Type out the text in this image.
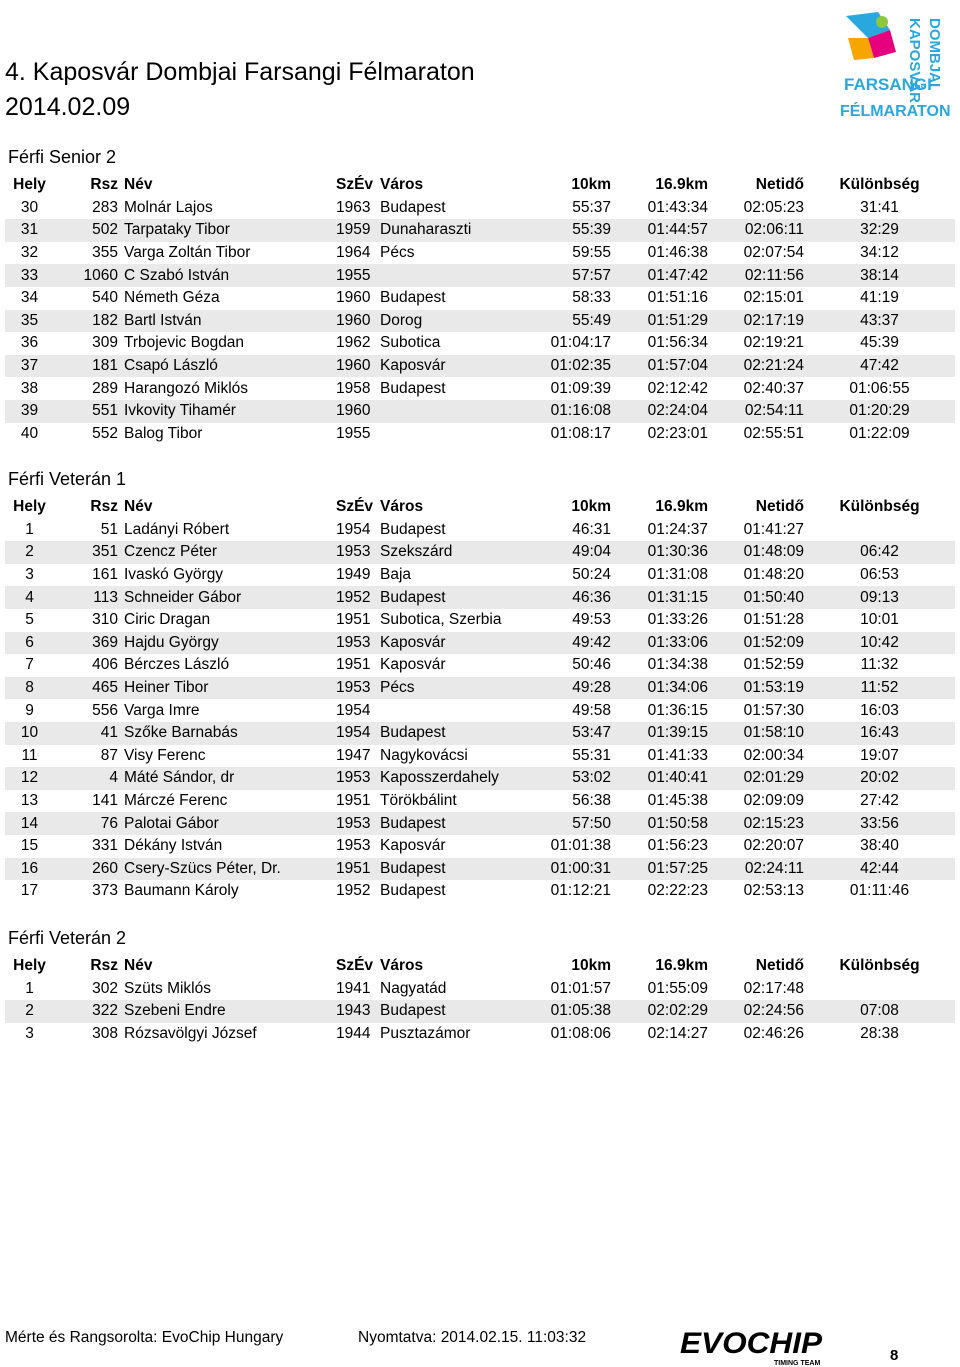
4. Kaposvár Dombjai Farsangi Félmaraton
2014.02.09
KAPOSVÁR DOMBJAI
FARSANGI
FÉLMARATON
Férfi Senior 2
Hely	Rsz	Név	SzÉv	Város	10km	16.9km	Netidő	Különbség
30	283	Molnár Lajos	1963	Budapest	55:37	01:43:34	02:05:23	31:41
31	502	Tarpataky Tibor	1959	Dunaharaszti	55:39	01:44:57	02:06:11	32:29
32	355	Varga Zoltán Tibor	1964	Pécs	59:55	01:46:38	02:07:54	34:12
33	1060	C Szabó István	1955		57:57	01:47:42	02:11:56	38:14
34	540	Németh Géza	1960	Budapest	58:33	01:51:16	02:15:01	41:19
35	182	Bartl István	1960	Dorog	55:49	01:51:29	02:17:19	43:37
36	309	Trbojevic Bogdan	1962	Subotica	01:04:17	01:56:34	02:19:21	45:39
37	181	Csapó László	1960	Kaposvár	01:02:35	01:57:04	02:21:24	47:42
38	289	Harangozó Miklós	1958	Budapest	01:09:39	02:12:42	02:40:37	01:06:55
39	551	Ivkovity Tihamér	1960		01:16:08	02:24:04	02:54:11	01:20:29
40	552	Balog Tibor	1955		01:08:17	02:23:01	02:55:51	01:22:09
Férfi Veterán 1
Hely	Rsz	Név	SzÉv	Város	10km	16.9km	Netidő	Különbség
1	51	Ladányi Róbert	1954	Budapest	46:31	01:24:37	01:41:27	
2	351	Czencz Péter	1953	Szekszárd	49:04	01:30:36	01:48:09	06:42
3	161	Ivaskó György	1949	Baja	50:24	01:31:08	01:48:20	06:53
4	113	Schneider Gábor	1952	Budapest	46:36	01:31:15	01:50:40	09:13
5	310	Ciric Dragan	1951	Subotica, Szerbia	49:53	01:33:26	01:51:28	10:01
6	369	Hajdu György	1953	Kaposvár	49:42	01:33:06	01:52:09	10:42
7	406	Bérczes László	1951	Kaposvár	50:46	01:34:38	01:52:59	11:32
8	465	Heiner Tibor	1953	Pécs	49:28	01:34:06	01:53:19	11:52
9	556	Varga Imre	1954		49:58	01:36:15	01:57:30	16:03
10	41	Szőke Barnabás	1954	Budapest	53:47	01:39:15	01:58:10	16:43
11	87	Visy Ferenc	1947	Nagykovácsi	55:31	01:41:33	02:00:34	19:07
12	4	Máté Sándor, dr	1953	Kaposszerdahely	53:02	01:40:41	02:01:29	20:02
13	141	Márczé Ferenc	1951	Törökbálint	56:38	01:45:38	02:09:09	27:42
14	76	Palotai Gábor	1953	Budapest	57:50	01:50:58	02:15:23	33:56
15	331	Dékány István	1953	Kaposvár	01:01:38	01:56:23	02:20:07	38:40
16	260	Csery-Szücs Péter, Dr.	1951	Budapest	01:00:31	01:57:25	02:24:11	42:44
17	373	Baumann Károly	1952	Budapest	01:12:21	02:22:23	02:53:13	01:11:46
Férfi Veterán 2
Hely	Rsz	Név	SzÉv	Város	10km	16.9km	Netidő	Különbség
1	302	Szüts Miklós	1941	Nagyatád	01:01:57	01:55:09	02:17:48	
2	322	Szebeni Endre	1943	Budapest	01:05:38	02:02:29	02:24:56	07:08
3	308	Rózsavölgyi József	1944	Pusztazámor	01:08:06	02:14:27	02:46:26	28:38
Mérte és Rangsorolta: EvoChip Hungary	Nyomtatva: 2014.02.15. 11:03:32	EVOCHIP
TIMING TEAM	8
